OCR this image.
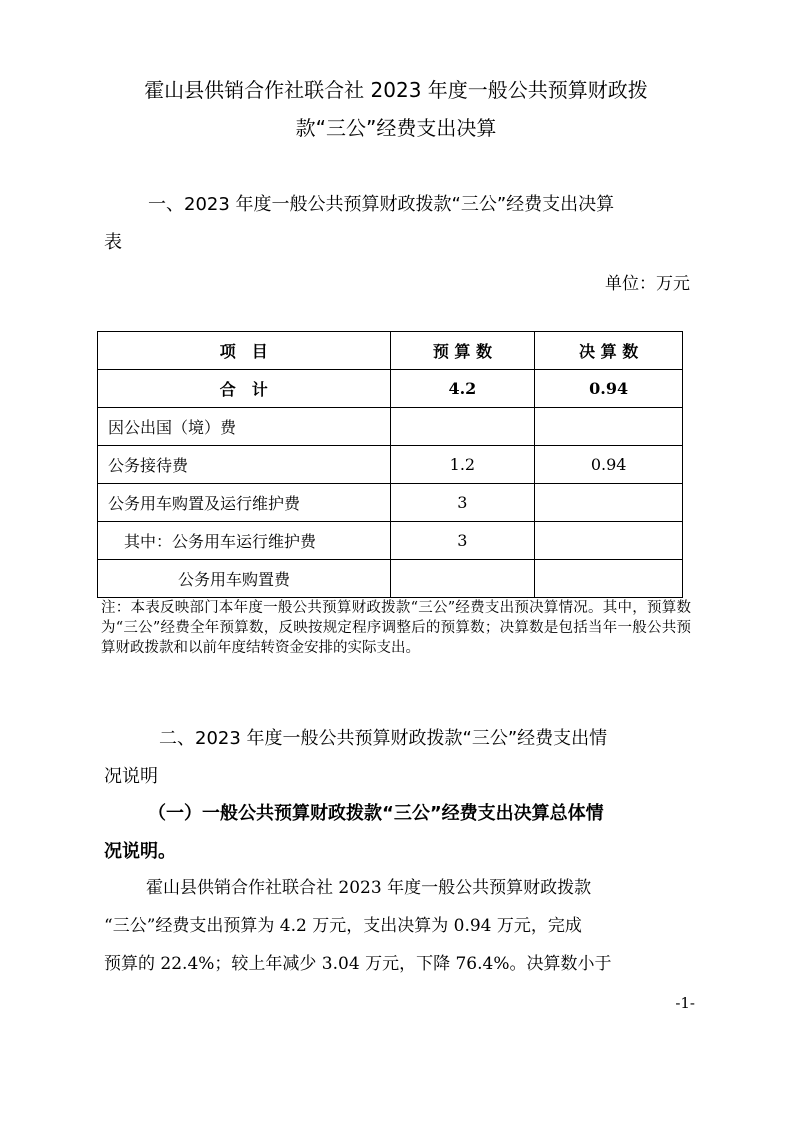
霍山县供销合作社联合社 2023 年度一般公共预算财政拨
款“三公”经费支出决算
一、2023 年度一般公共预算财政拨款“三公”经费支出决算
表
单位：万元
项　目	预 算 数	决 算 数
合　计	4.2	0.94
因公出国（境）费		
公务接待费	1.2	0.94
公务用车购置及运行维护费	3	
其中：公务用车运行维护费	3	
公务用车购置费		
注：本表反映部门本年度一般公共预算财政拨款“三公”经费支出预决算情况。其中，预算数为“三公”经费全年预算数，反映按规定程序调整后的预算数；决算数是包括当年一般公共预算财政拨款和以前年度结转资金安排的实际支出。
二、2023 年度一般公共预算财政拨款“三公”经费支出情
况说明
（一）一般公共预算财政拨款“三公”经费支出决算总体情
况说明。
霍山县供销合作社联合社 2023 年度一般公共预算财政拨款
“三公”经费支出预算为 4.2 万元，支出决算为 0.94 万元，完成
预算的 22.4%；较上年减少 3.04 万元，下降 76.4%。决算数小于
-1-
